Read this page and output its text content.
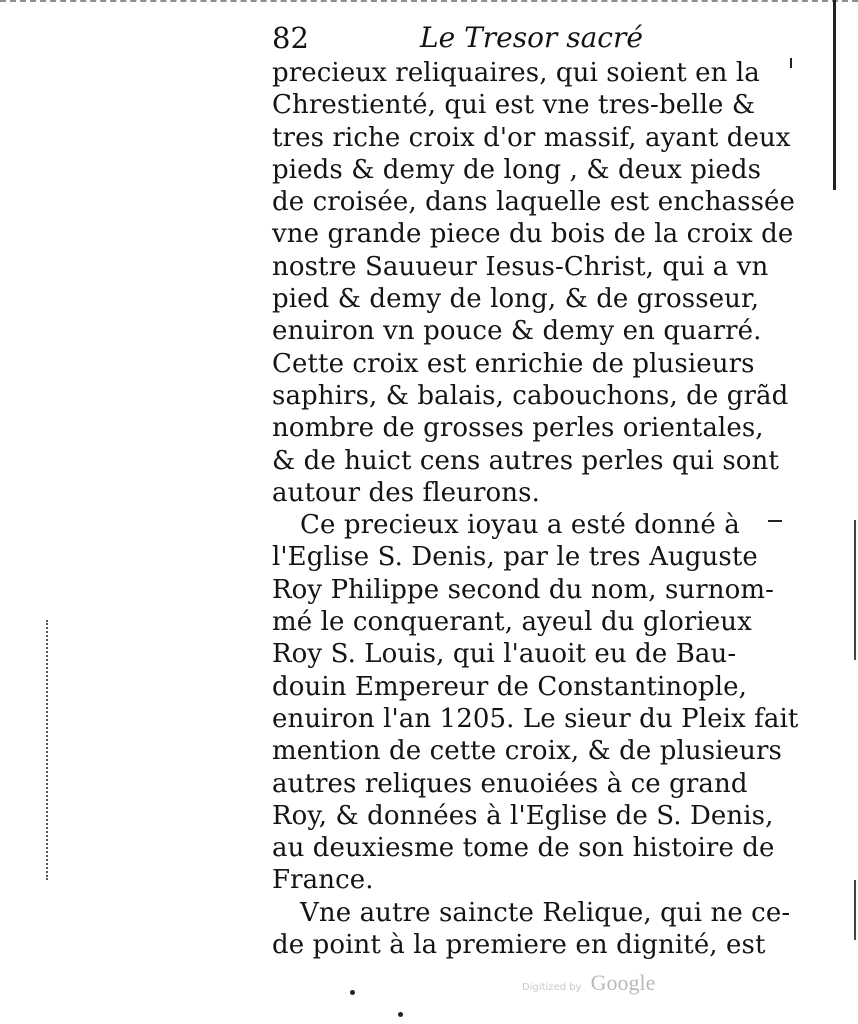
82	Le Tresor sacré
precieux reliquaires, qui soient en la
Chrestienté, qui est vne tres-belle &
tres riche croix d'or massif, ayant deux
pieds & demy de long , & deux pieds
de croisée, dans laquelle est enchassée
vne grande piece du bois de la croix de
nostre Sauueur Iesus-Christ, qui a vn
pied & demy de long, & de grosseur,
enuiron vn pouce & demy en quarré.
Cette croix est enrichie de plusieurs
saphirs, & balais, cabouchons, de grãd
nombre de grosses perles orientales,
& de huict cens autres perles qui sont
autour des fleurons.
Ce precieux ioyau a esté donné à
l'Eglise S. Denis, par le tres Auguste
Roy Philippe second du nom, surnom-
mé le conquerant, ayeul du glorieux
Roy S. Louis, qui l'auoit eu de Bau-
douin Empereur de Constantinople,
enuiron l'an 1205. Le sieur du Pleix fait
mention de cette croix, & de plusieurs
autres reliques enuoiées à ce grand
Roy, & données à l'Eglise de S. Denis,
au deuxiesme tome de son histoire de
France.
Vne autre saincte Relique, qui ne ce-
de point à la premiere en dignité, est
Digitized by Google
